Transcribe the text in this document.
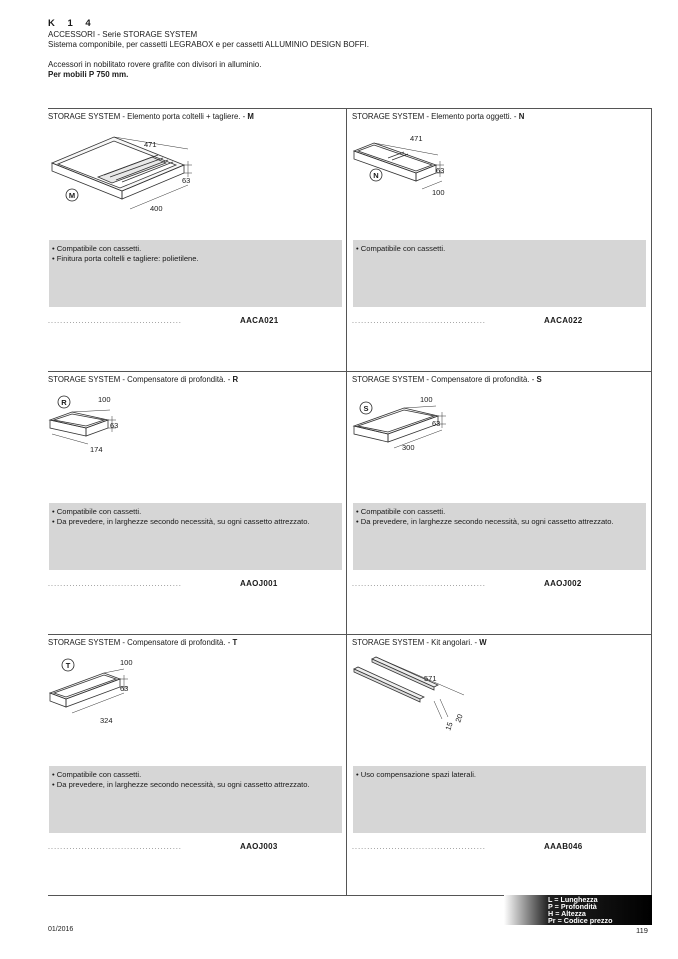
K 1 4
ACCESSORI - Serie STORAGE SYSTEM
Sistema componibile, per cassetti LEGRABOX e per cassetti ALLUMINIO DESIGN BOFFI.
Accessori in nobilitato rovere grafite con divisori in alluminio.
Per mobili P 750 mm.
STORAGE SYSTEM - Elemento porta coltelli + tagliere. - M
M
471
63
400
• Compatibile con cassetti.
• Finitura porta coltelli e tagliere: polietilene.
............................................	AACA021
STORAGE SYSTEM - Elemento porta oggetti. - N
N
471
63
100
• Compatibile con cassetti.
............................................	AACA022
STORAGE SYSTEM - Compensatore di profondità. - R
R	100
63
174
• Compatibile con cassetti.
• Da prevedere, in larghezze secondo necessità, su ogni cassetto attrezzato.
............................................	AAOJ001
STORAGE SYSTEM - Compensatore di profondità. - S
S
100
63
300
• Compatibile con cassetti.
• Da prevedere, in larghezze secondo necessità, su ogni cassetto attrezzato.
............................................	AAOJ002
STORAGE SYSTEM - Compensatore di profondità. - T
T	100
63
324
• Compatibile con cassetti.
• Da prevedere, in larghezze secondo necessità, su ogni cassetto attrezzato.
............................................	AAOJ003
STORAGE SYSTEM - Kit angolari. - W
571
20
15
• Uso compensazione spazi laterali.
............................................	AAAB046
L = Lunghezza
P = Profondità
H = Altezza
Pr = Codice prezzo
01/2016	119
